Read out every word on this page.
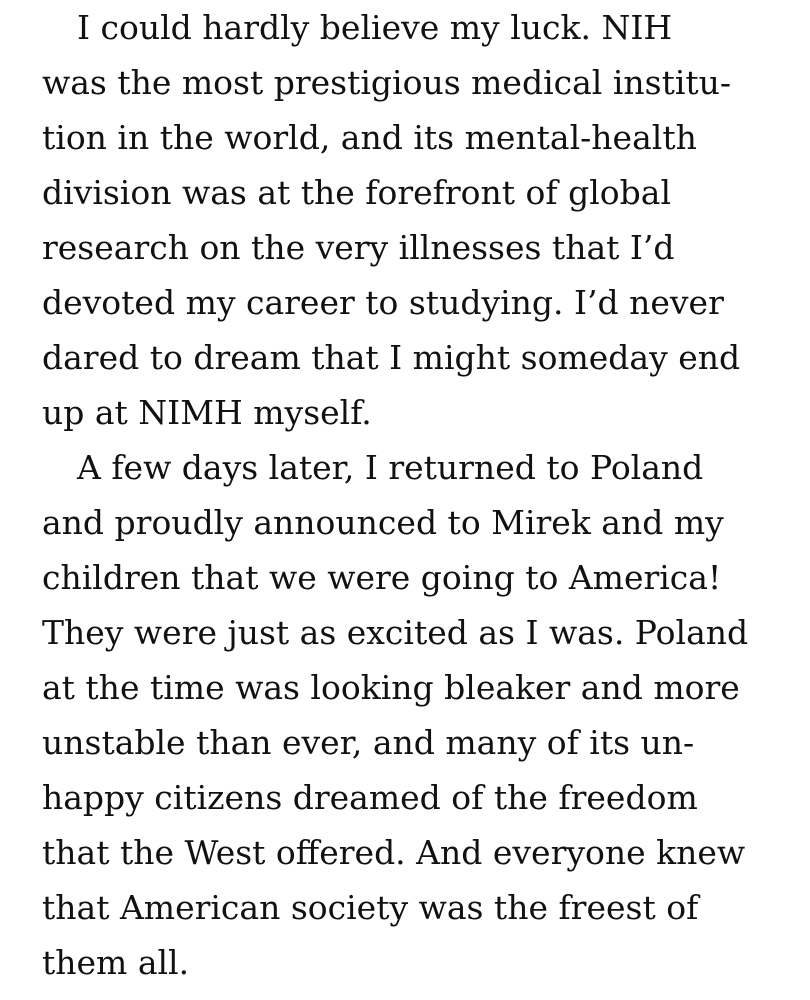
I could hardly believe my luck. NIH
was the most prestigious medical institu-
tion in the world, and its mental-health
division was at the forefront of global
research on the very illnesses that I’d
devoted my career to studying. I’d never
dared to dream that I might someday end
up at NIMH myself.
A few days later, I returned to Poland
and proudly announced to Mirek and my
children that we were going to America!
They were just as excited as I was. Poland
at the time was looking bleaker and more
unstable than ever, and many of its un-
happy citizens dreamed of the freedom
that the West offered. And everyone knew
that American society was the freest of
them all.
